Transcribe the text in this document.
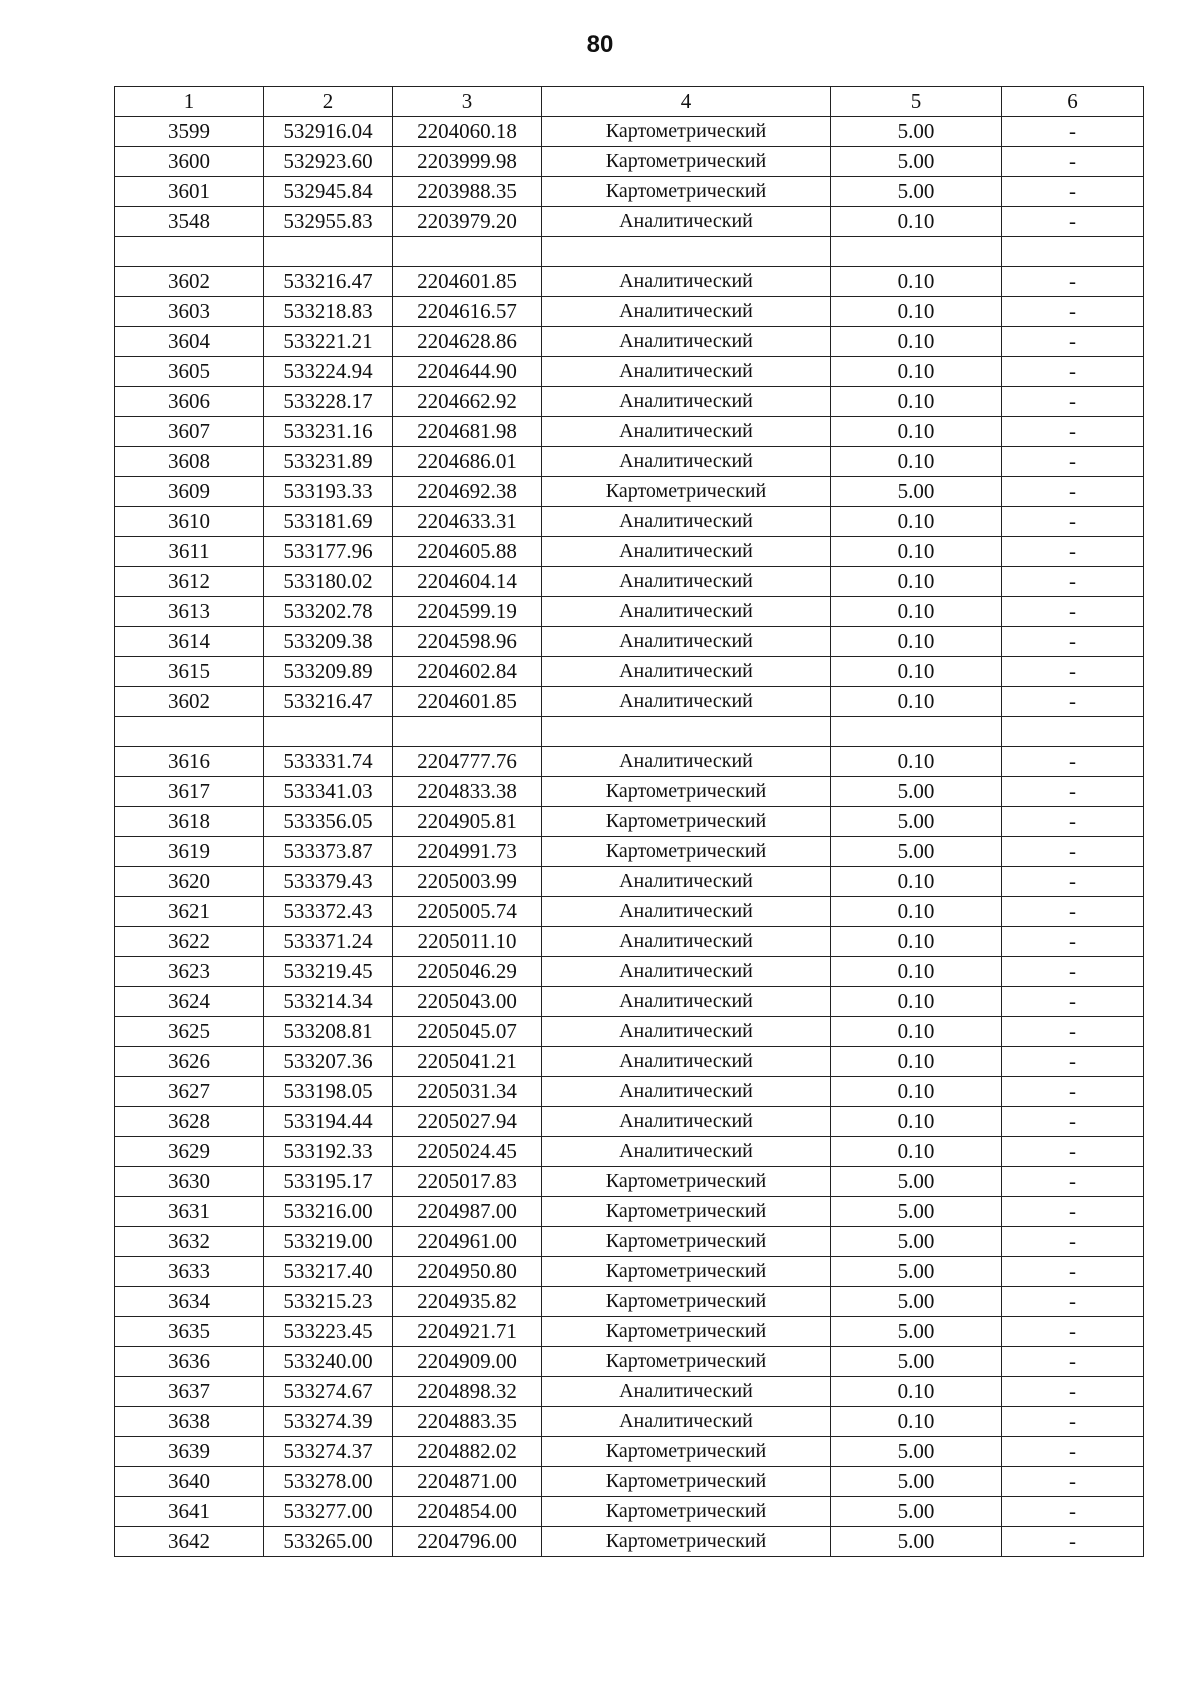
80
1	2	3	4	5	6
3599	532916.04	2204060.18	Картометрический	5.00	-
3600	532923.60	2203999.98	Картометрический	5.00	-
3601	532945.84	2203988.35	Картометрический	5.00	-
3548	532955.83	2203979.20	Аналитический	0.10	-

3602	533216.47	2204601.85	Аналитический	0.10	-
3603	533218.83	2204616.57	Аналитический	0.10	-
3604	533221.21	2204628.86	Аналитический	0.10	-
3605	533224.94	2204644.90	Аналитический	0.10	-
3606	533228.17	2204662.92	Аналитический	0.10	-
3607	533231.16	2204681.98	Аналитический	0.10	-
3608	533231.89	2204686.01	Аналитический	0.10	-
3609	533193.33	2204692.38	Картометрический	5.00	-
3610	533181.69	2204633.31	Аналитический	0.10	-
3611	533177.96	2204605.88	Аналитический	0.10	-
3612	533180.02	2204604.14	Аналитический	0.10	-
3613	533202.78	2204599.19	Аналитический	0.10	-
3614	533209.38	2204598.96	Аналитический	0.10	-
3615	533209.89	2204602.84	Аналитический	0.10	-
3602	533216.47	2204601.85	Аналитический	0.10	-

3616	533331.74	2204777.76	Аналитический	0.10	-
3617	533341.03	2204833.38	Картометрический	5.00	-
3618	533356.05	2204905.81	Картометрический	5.00	-
3619	533373.87	2204991.73	Картометрический	5.00	-
3620	533379.43	2205003.99	Аналитический	0.10	-
3621	533372.43	2205005.74	Аналитический	0.10	-
3622	533371.24	2205011.10	Аналитический	0.10	-
3623	533219.45	2205046.29	Аналитический	0.10	-
3624	533214.34	2205043.00	Аналитический	0.10	-
3625	533208.81	2205045.07	Аналитический	0.10	-
3626	533207.36	2205041.21	Аналитический	0.10	-
3627	533198.05	2205031.34	Аналитический	0.10	-
3628	533194.44	2205027.94	Аналитический	0.10	-
3629	533192.33	2205024.45	Аналитический	0.10	-
3630	533195.17	2205017.83	Картометрический	5.00	-
3631	533216.00	2204987.00	Картометрический	5.00	-
3632	533219.00	2204961.00	Картометрический	5.00	-
3633	533217.40	2204950.80	Картометрический	5.00	-
3634	533215.23	2204935.82	Картометрический	5.00	-
3635	533223.45	2204921.71	Картометрический	5.00	-
3636	533240.00	2204909.00	Картометрический	5.00	-
3637	533274.67	2204898.32	Аналитический	0.10	-
3638	533274.39	2204883.35	Аналитический	0.10	-
3639	533274.37	2204882.02	Картометрический	5.00	-
3640	533278.00	2204871.00	Картометрический	5.00	-
3641	533277.00	2204854.00	Картометрический	5.00	-
3642	533265.00	2204796.00	Картометрический	5.00	-
